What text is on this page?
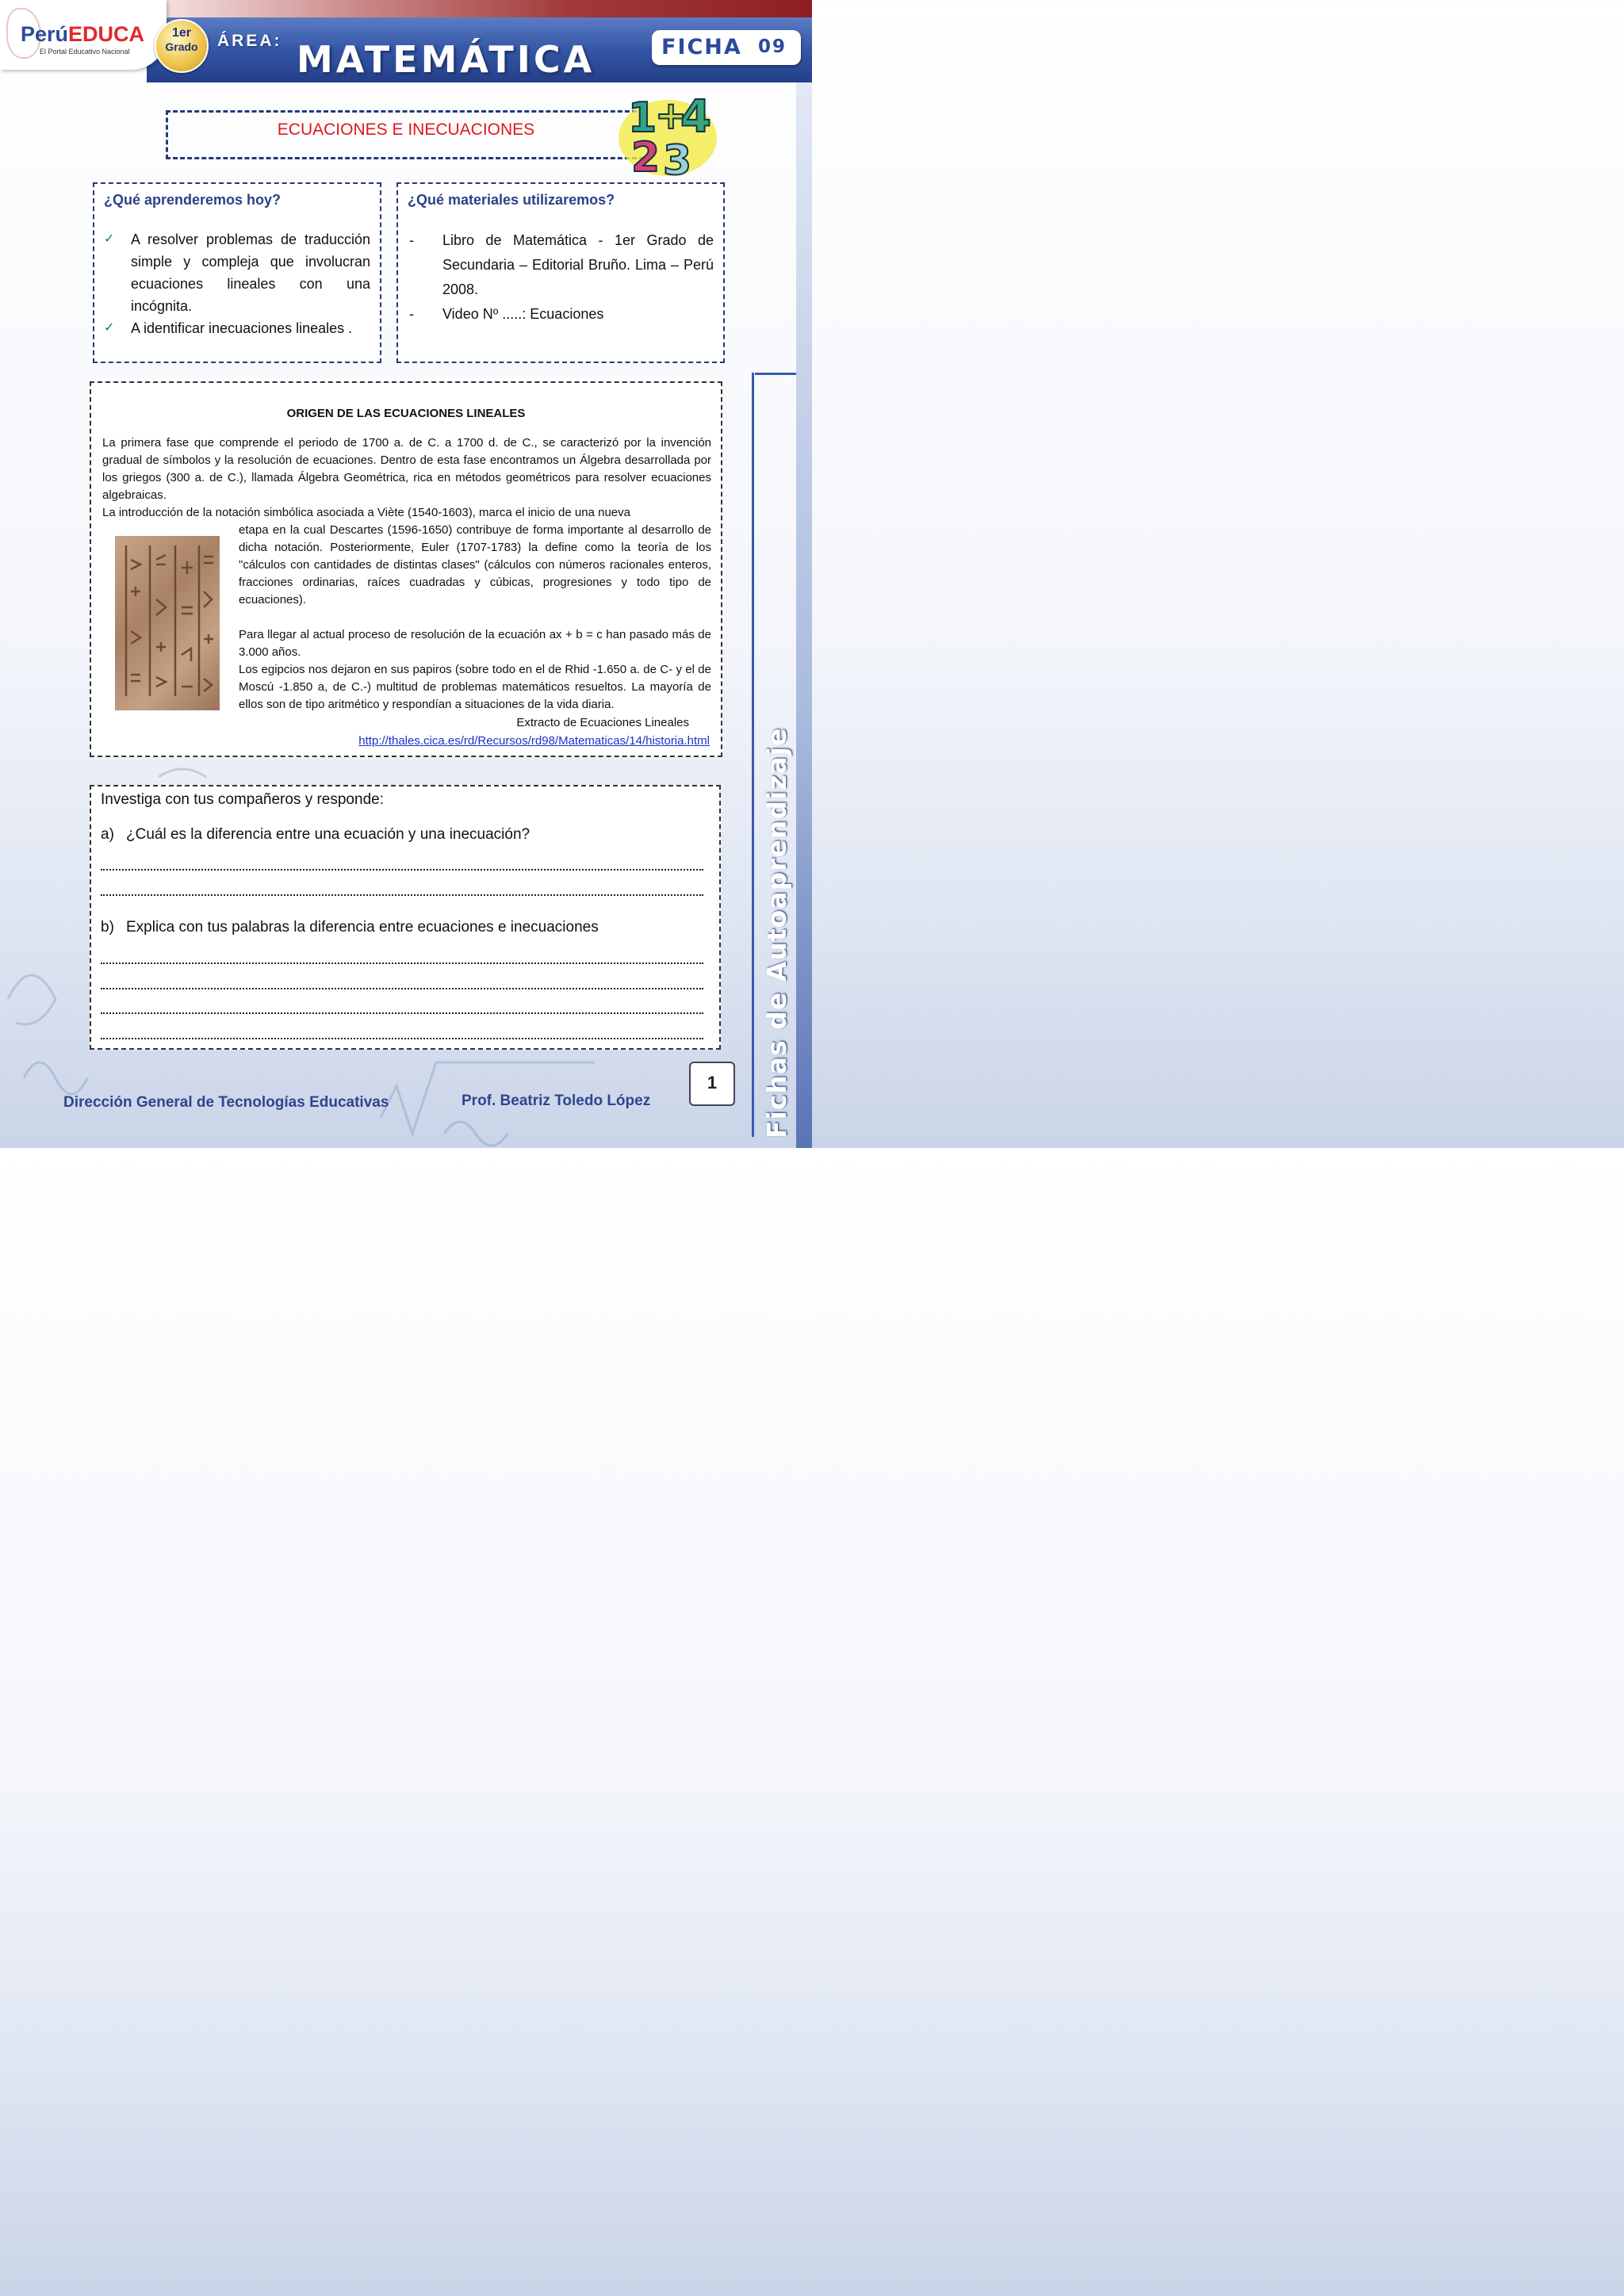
PerúEDUCA
El Portal Educativo Nacional
1er
Grado	ÁREA: MATEMÁTICA	FICHA 09
Fichas de Autoaprendizaje
ECUACIONES E INECUACIONES	1
+
4
2 3
¿Qué aprenderemos hoy?
✓ A resolver problemas de traducción simple y compleja que involucran ecuaciones lineales con una incógnita.
✓ A identificar inecuaciones lineales .
¿Qué materiales utilizaremos?
- Libro de Matemática - 1er Grado de Secundaria – Editorial Bruño. Lima – Perú 2008.
- Video Nº .....: Ecuaciones
ORIGEN DE LAS ECUACIONES LINEALES

La primera fase que comprende el periodo de 1700 a. de C. a 1700 d. de C., se caracterizó por la invención gradual de símbolos y la resolución de ecuaciones. Dentro de esta fase encontramos un Álgebra desarrollada por los griegos (300 a. de C.), llamada Álgebra Geométrica, rica en métodos geométricos para resolver ecuaciones algebraicas.

La introducción de la notación simbólica asociada a Viète (1540-1603), marca el inicio de una nueva

etapa en la cual Descartes (1596-1650) contribuye de forma importante al desarrollo de dicha notación. Posteriormente, Euler (1707-1783) la define como la teoría de los "cálculos con cantidades de distintas clases" (cálculos con números racionales enteros, fracciones ordinarias, raíces cuadradas y cúbicas, progresiones y todo tipo de ecuaciones).

Para llegar al actual proceso de resolución de la ecuación ax + b = c han pasado más de 3.000 años.

Los egipcios nos dejaron en sus papiros (sobre todo en el de Rhid -1.650 a. de C- y el de Moscú -1.850 a, de C.-) multitud de problemas matemáticos resueltos. La mayoría de ellos son de tipo aritmético y respondían a situaciones de la vida diaria.

Extracto de Ecuaciones Lineales
http://thales.cica.es/rd/Recursos/rd98/Matematicas/14/historia.html
Investiga con tus compañeros y responde:
a) ¿Cuál es la diferencia entre una ecuación y una inecuación?
b) Explica con tus palabras la diferencia entre ecuaciones e inecuaciones
1
Dirección General de Tecnologías Educativas	Prof. Beatriz Toledo López
